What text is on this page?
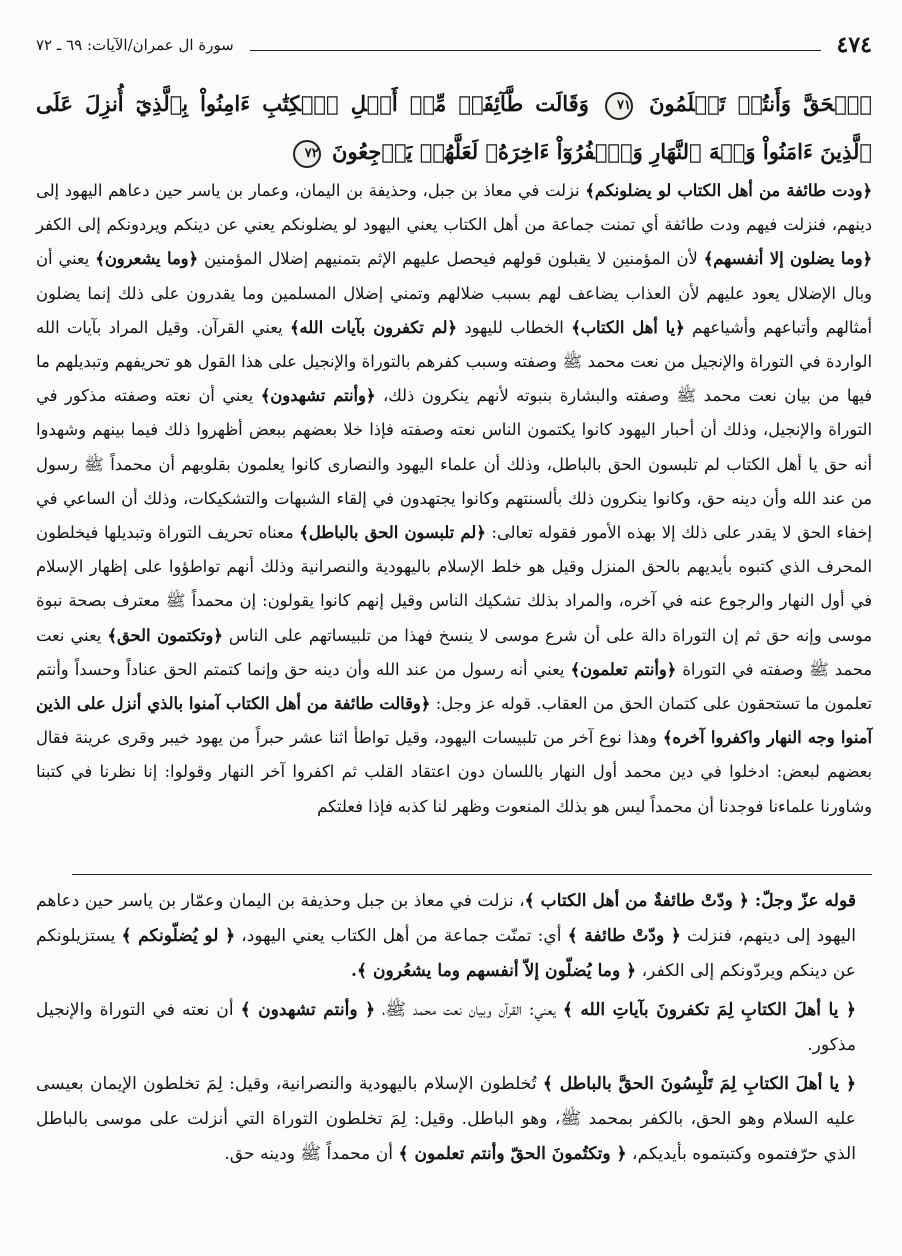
٤٧٤
سورة ال عمران/الآيات: ٦٩ ـ ٧٢
ٱلۡحَقَّ وَأَنتُمۡ تَعۡلَمُونَ ٧١ وَقَالَت طَّآئِفَةٞ مِّنۡ أَهۡلِ ٱلۡكِتَٰبِ ءَامِنُواْ بِٱلَّذِيٓ أُنزِلَ عَلَى ٱلَّذِينَ ءَامَنُواْ وَجۡهَ ٱلنَّهَارِ وَٱكۡفُرُوٓاْ ءَاخِرَهُۥ لَعَلَّهُمۡ يَرۡجِعُونَ ٧٢

﴿ودت طائفة من أهل الكتاب لو يضلونكم﴾ نزلت في معاذ بن جبل، وحذيفة بن اليمان، وعمار بن ياسر حين دعاهم اليهود إلى دينهم، فنزلت فيهم ودت طائفة أي تمنت جماعة من أهل الكتاب يعني اليهود لو يضلونكم يعني عن دينكم ويردونكم إلى الكفر ﴿وما يضلون إلا أنفسهم﴾ لأن المؤمنين لا يقبلون قولهم فيحصل عليهم الإثم بتمنيهم إضلال المؤمنين ﴿وما يشعرون﴾ يعني أن وبال الإضلال يعود عليهم لأن العذاب يضاعف لهم بسبب ضلالهم وتمني إضلال المسلمين وما يقدرون على ذلك إنما يضلون أمثالهم وأتباعهم وأشياعهم ﴿يا أهل الكتاب﴾ الخطاب لليهود ﴿لم تكفرون بآيات الله﴾ يعني القرآن. وقيل المراد بآيات الله الواردة في التوراة والإنجيل من نعت محمد ﷺ وصفته وسبب كفرهم بالتوراة والإنجيل على هذا القول هو تحريفهم وتبديلهم ما فيها من بيان نعت محمد ﷺ وصفته والبشارة بنبوته لأنهم ينكرون ذلك، ﴿وأنتم تشهدون﴾ يعني أن نعته وصفته مذكور في التوراة والإنجيل، وذلك أن أحبار اليهود كانوا يكتمون الناس نعته وصفته فإذا خلا بعضهم ببعض أظهروا ذلك فيما بينهم وشهدوا أنه حق يا أهل الكتاب لم تلبسون الحق بالباطل، وذلك أن علماء اليهود والنصارى كانوا يعلمون بقلوبهم أن محمداً ﷺ رسول من عند الله وأن دينه حق، وكانوا ينكرون ذلك بألسنتهم وكانوا يجتهدون في إلقاء الشبهات والتشكيكات، وذلك أن الساعي في إخفاء الحق لا يقدر على ذلك إلا بهذه الأمور فقوله تعالى: ﴿لم تلبسون الحق بالباطل﴾ معناه تحريف التوراة وتبديلها فيخلطون المحرف الذي كتبوه بأيديهم بالحق المنزل وقيل هو خلط الإسلام باليهودية والنصرانية وذلك أنهم تواطؤوا على إظهار الإسلام في أول النهار والرجوع عنه في آخره، والمراد بذلك تشكيك الناس وقيل إنهم كانوا يقولون: إن محمداً ﷺ معترف بصحة نبوة موسى وإنه حق ثم إن التوراة دالة على أن شرع موسى لا ينسخ فهذا من تلبيساتهم على الناس ﴿وتكتمون الحق﴾ يعني نعت محمد ﷺ وصفته في التوراة ﴿وأنتم تعلمون﴾ يعني أنه رسول من عند الله وأن دينه حق وإنما كتمتم الحق عناداً وحسداً وأنتم تعلمون ما تستحقون على كتمان الحق من العقاب. قوله عز وجل: ﴿وقالت طائفة من أهل الكتاب آمنوا بالذي أنزل على الذين آمنوا وجه النهار واكفروا آخره﴾ وهذا نوع آخر من تلبيسات اليهود، وقيل تواطأ اثنا عشر حبراً من يهود خيبر وقرى عرينة فقال بعضهم لبعض: ادخلوا في دين محمد أول النهار باللسان دون اعتقاد القلب ثم اكفروا آخر النهار وقولوا: إنا نظرنا في كتبنا وشاورنا علماءنا فوجدنا أن محمداً ليس هو بذلك المنعوت وظهر لنا كذبه فإذا فعلتكم

قوله عزّ وجلّ: ﴿ ودّتْ طائفةٌ من أهل الكتاب ﴾، نزلت في معاذ بن جبل وحذيفة بن اليمان وعمّار بن ياسر حين دعاهم اليهود إلى دينهم، فنزلت ﴿ ودّتْ طائفة ﴾ أي: تمنّت جماعة من أهل الكتاب يعني اليهود، ﴿ لو يُضلّونكم ﴾ يستزيلونكم عن دينكم ويردّونكم إلى الكفر، ﴿ وما يُضلّون إلاّ أنفسهم وما يشعُرون ﴾.

﴿ يا أهلَ الكتابِ لِمَ تكفرونَ بآياتِ الله ﴾ يعني: القرآن وبيان نعت محمد ﷺ، ﴿ وأنتم تشهدون ﴾ أن نعته في التوراة والإنجيل مذكور.

﴿ يا أهلَ الكتابِ لِمَ تَلْبِسُونَ الحقَّ بالباطل ﴾ تُخلطون الإسلام باليهودية والنصرانية، وقيل: لِمَ تخلطون الإيمان بعيسى عليه السلام وهو الحق، بالكفر بمحمد ﷺ، وهو الباطل. وقيل: لِمَ تخلطون التوراة التي أنزلت على موسى بالباطل الذي حرّفتموه وكتبتموه بأيديكم، ﴿ وتكتُمونَ الحقّ وأنتم تعلمون ﴾ أن محمداً ﷺ ودينه حق.
